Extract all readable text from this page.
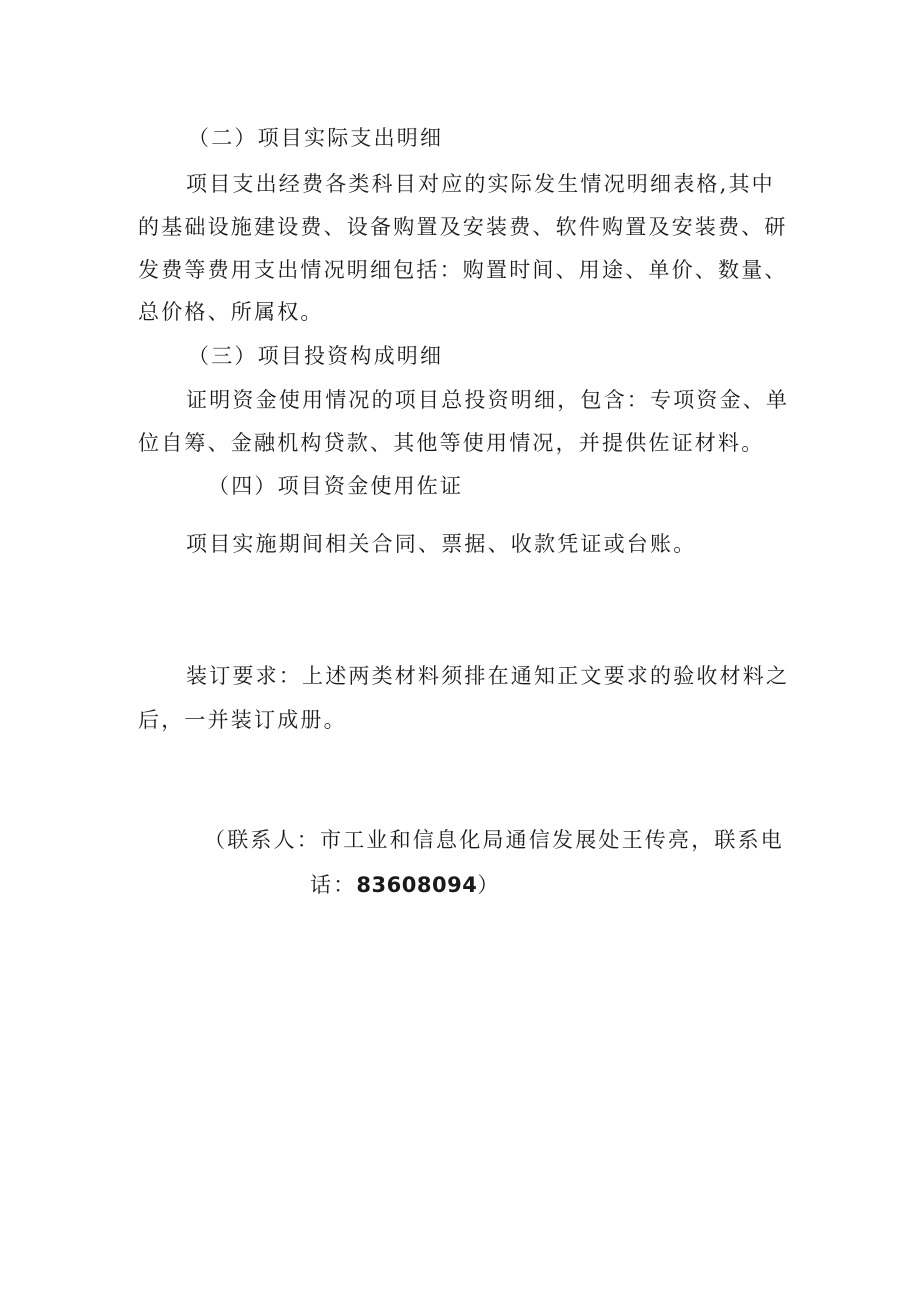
（二）项目实际支出明细
项目支出经费各类科目对应的实际发生情况明细表格,其中
的基础设施建设费、设备购置及安装费、软件购置及安装费、研
发费等费用支出情况明细包括：购置时间、用途、单价、数量、
总价格、所属权。
（三）项目投资构成明细
证明资金使用情况的项目总投资明细，包含：专项资金、单
位自筹、金融机构贷款、其他等使用情况，并提供佐证材料。
（四）项目资金使用佐证
项目实施期间相关合同、票据、收款凭证或台账。
装订要求：上述两类材料须排在通知正文要求的验收材料之
后，一并装订成册。
（联系人：市工业和信息化局通信发展处王传亮，联系电
话：83608094）
